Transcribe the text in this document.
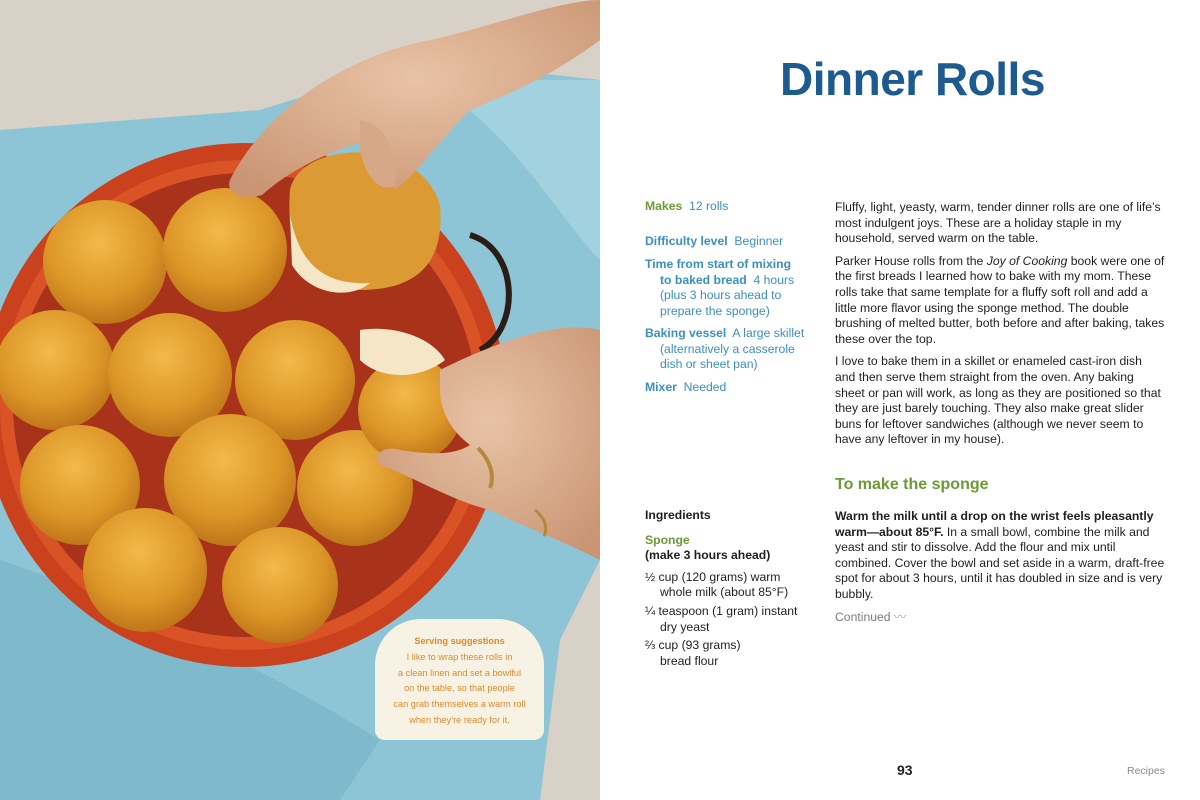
Serving suggestions
I like to wrap these rolls in
a clean linen and set a bowlful
on the table, so that people
can grab themselves a warm roll
when they’re ready for it.
Dinner Rolls
Makes 12 rolls
Difficulty level Beginner
Time from start of mixing
to baked bread 4 hours
(plus 3 hours ahead to
prepare the sponge)
Baking vessel A large skillet
(alternatively a casserole
dish or sheet pan)
Mixer Needed

Fluffy, light, yeasty, warm, tender dinner rolls are one of life’s most indulgent joys. These are a holiday staple in my household, served warm on the table.

Parker House rolls from the Joy of Cooking book were one of the first breads I learned how to bake with my mom. These rolls take that same template for a fluffy soft roll and add a little more flavor using the sponge method. The double brushing of melted butter, both before and after baking, takes these over the top.

I love to bake them in a skillet or enameled cast-iron dish and then serve them straight from the oven. Any baking sheet or pan will work, as long as they are positioned so that they are just barely touching. They also make great slider buns for leftover sandwiches (although we never seem to have any leftover in my house).

To make the sponge

Warm the milk until a drop on the wrist feels pleasantly warm—about 85°F. In a small bowl, combine the milk and yeast and stir to dissolve. Add the flour and mix until combined. Cover the bowl and set aside in a warm, draft-free spot for about 3 hours, until it has doubled in size and is very bubbly.

Continued 〰
Ingredients
Sponge
(make 3 hours ahead)
½ cup (120 grams) warm
whole milk (about 85°F)
¼ teaspoon (1 gram) instant
dry yeast
⅔ cup (93 grams)
bread flour
93	Recipes
